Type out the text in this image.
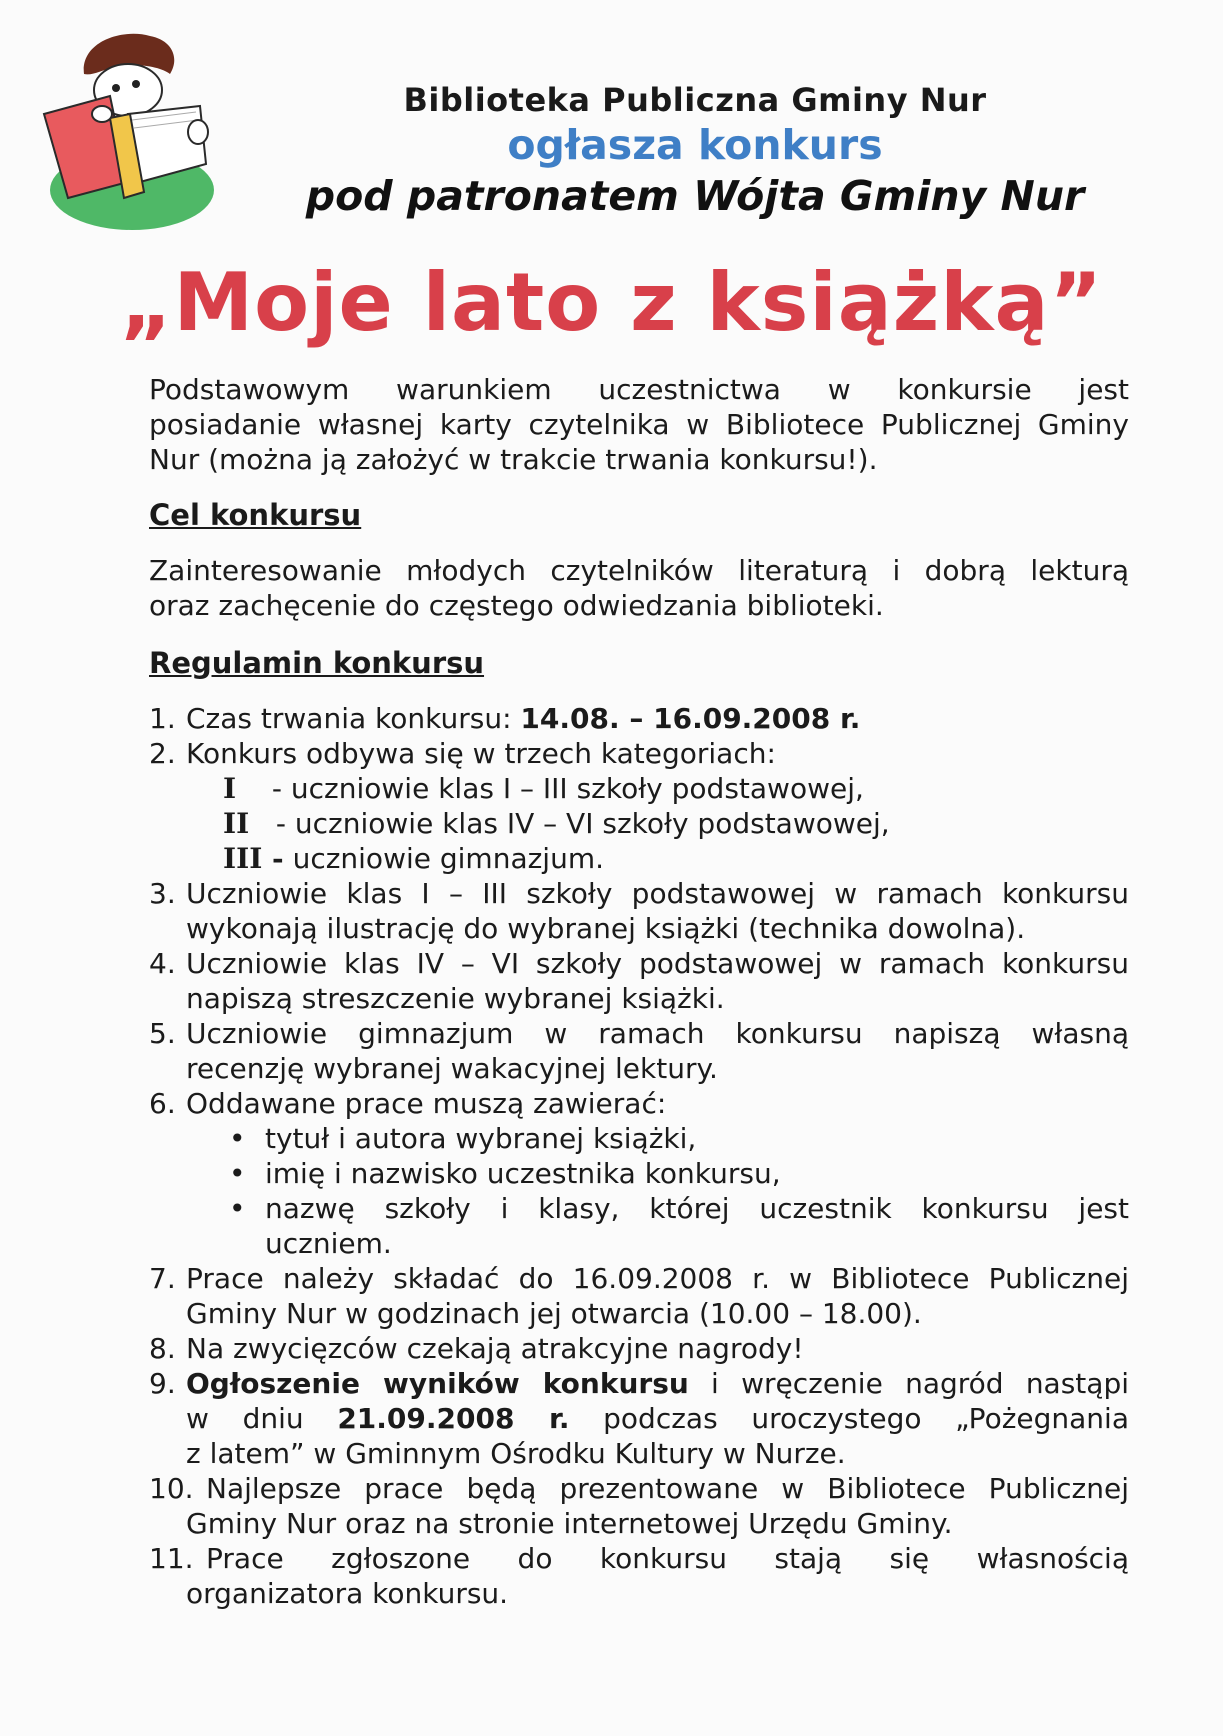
Biblioteka Publiczna Gminy Nur
ogłasza konkurs
pod patronatem Wójta Gminy Nur
„Moje lato z książką”
Podstawowym warunkiem uczestnictwa w konkursie jest
posiadanie własnej karty czytelnika w Bibliotece Publicznej Gminy
Nur (można ją założyć w trakcie trwania konkursu!).
Cel konkursu
Zainteresowanie młodych czytelników literaturą i dobrą lekturą
oraz zachęcenie do częstego odwiedzania biblioteki.
Regulamin konkursu
1. Czas trwania konkursu: 14.08. – 16.09.2008 r.
2. Konkurs odbywa się w trzech kategoriach:
I - uczniowie klas I – III szkoły podstawowej,
II - uczniowie klas IV – VI szkoły podstawowej,
III - uczniowie gimnazjum.
3. Uczniowie klas I – III szkoły podstawowej w ramach konkursu
wykonają ilustrację do wybranej książki (technika dowolna).
4. Uczniowie klas IV – VI szkoły podstawowej w ramach konkursu
napiszą streszczenie wybranej książki.
5. Uczniowie gimnazjum w ramach konkursu napiszą własną
recenzję wybranej wakacyjnej lektury.
6. Oddawane prace muszą zawierać:
• tytuł i autora wybranej książki,
• imię i nazwisko uczestnika konkursu,
• nazwę szkoły i klasy, której uczestnik konkursu jest
uczniem.
7. Prace należy składać do 16.09.2008 r. w Bibliotece Publicznej
Gminy Nur w godzinach jej otwarcia (10.00 – 18.00).
8. Na zwycięzców czekają atrakcyjne nagrody!
9. Ogłoszenie wyników konkursu i wręczenie nagród nastąpi
w dniu 21.09.2008 r. podczas uroczystego „Pożegnania
z latem” w Gminnym Ośrodku Kultury w Nurze.
10. Najlepsze prace będą prezentowane w Bibliotece Publicznej
Gminy Nur oraz na stronie internetowej Urzędu Gminy.
11. Prace zgłoszone do konkursu stają się własnością
organizatora konkursu.
